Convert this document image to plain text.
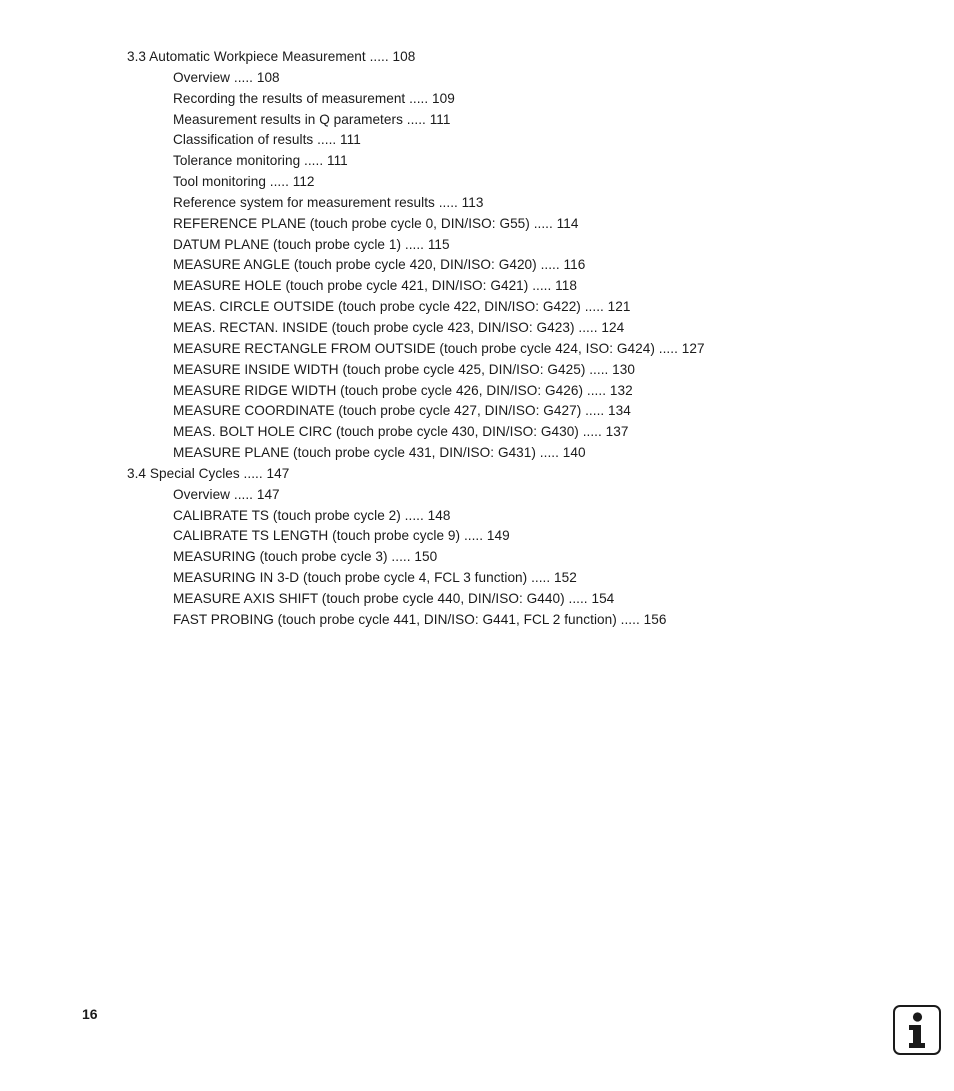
3.3 Automatic Workpiece Measurement ..... 108
Overview ..... 108
Recording the results of measurement ..... 109
Measurement results in Q parameters ..... 111
Classification of results ..... 111
Tolerance monitoring ..... 111
Tool monitoring ..... 112
Reference system for measurement results ..... 113
REFERENCE PLANE (touch probe cycle 0, DIN/ISO: G55) ..... 114
DATUM PLANE (touch probe cycle 1) ..... 115
MEASURE ANGLE (touch probe cycle 420, DIN/ISO: G420) ..... 116
MEASURE HOLE (touch probe cycle 421, DIN/ISO: G421) ..... 118
MEAS. CIRCLE OUTSIDE (touch probe cycle 422, DIN/ISO: G422) ..... 121
MEAS. RECTAN. INSIDE (touch probe cycle 423, DIN/ISO: G423) ..... 124
MEASURE RECTANGLE FROM OUTSIDE (touch probe cycle 424, ISO: G424) ..... 127
MEASURE INSIDE WIDTH (touch probe cycle 425, DIN/ISO: G425) ..... 130
MEASURE RIDGE WIDTH (touch probe cycle 426, DIN/ISO: G426) ..... 132
MEASURE COORDINATE (touch probe cycle 427, DIN/ISO: G427) ..... 134
MEAS. BOLT HOLE CIRC (touch probe cycle 430, DIN/ISO: G430) ..... 137
MEASURE PLANE (touch probe cycle 431, DIN/ISO: G431) ..... 140
3.4 Special Cycles ..... 147
Overview ..... 147
CALIBRATE TS (touch probe cycle 2) ..... 148
CALIBRATE TS LENGTH (touch probe cycle 9) ..... 149
MEASURING (touch probe cycle 3) ..... 150
MEASURING IN 3-D (touch probe cycle 4, FCL 3 function) ..... 152
MEASURE AXIS SHIFT (touch probe cycle 440, DIN/ISO: G440) ..... 154
FAST PROBING (touch probe cycle 441, DIN/ISO: G441, FCL 2 function) ..... 156
16
